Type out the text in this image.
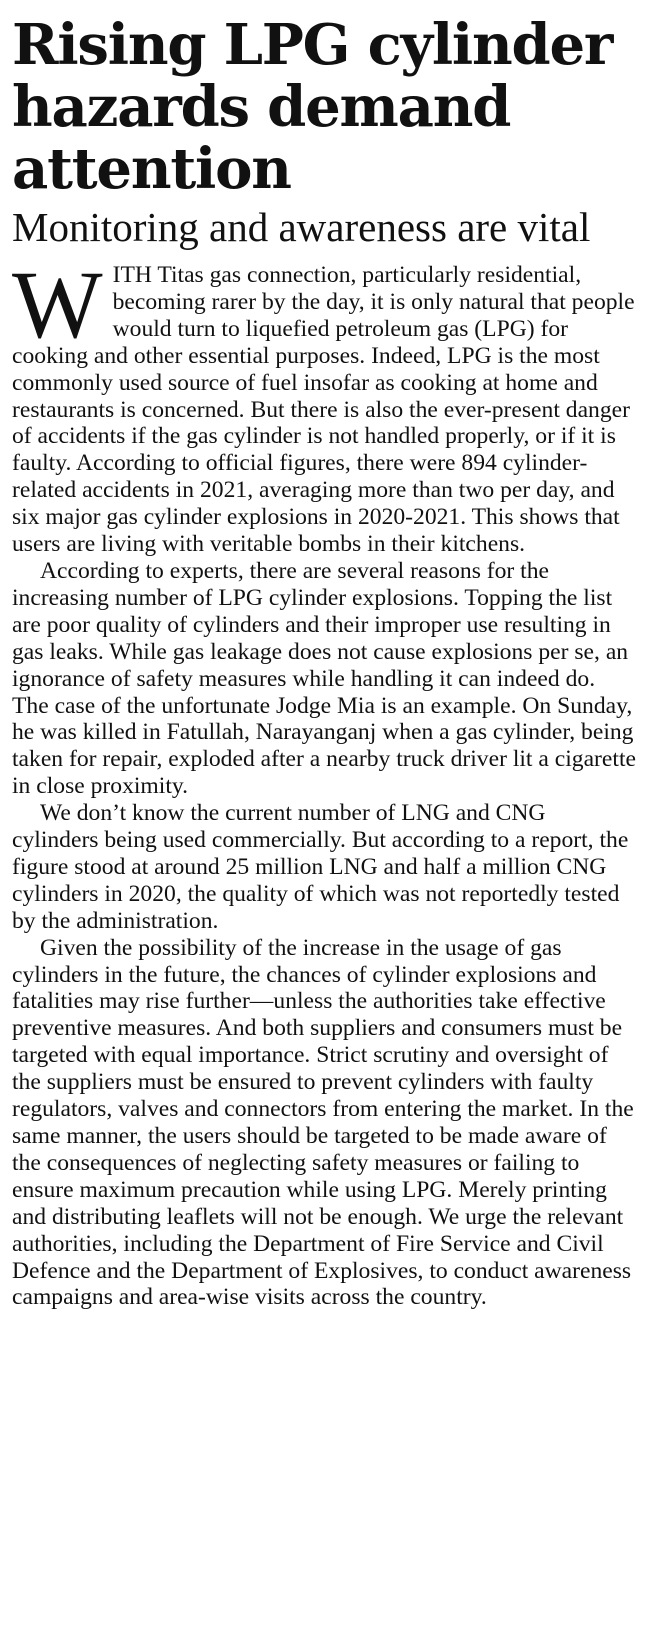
Rising LPG cylinder hazards demand attention
Monitoring and awareness are vital

WITH Titas gas connection, particularly residential, becoming rarer by the day, it is only natural that people would turn to liquefied petroleum gas (LPG) for cooking and other essential purposes. Indeed, LPG is the most commonly used source of fuel insofar as cooking at home and restaurants is concerned. But there is also the ever-present danger of accidents if the gas cylinder is not handled properly, or if it is faulty. According to official figures, there were 894 cylinder-related accidents in 2021, averaging more than two per day, and six major gas cylinder explosions in 2020-2021. This shows that users are living with veritable bombs in their kitchens.

According to experts, there are several reasons for the increasing number of LPG cylinder explosions. Topping the list are poor quality of cylinders and their improper use resulting in gas leaks. While gas leakage does not cause explosions per se, an ignorance of safety measures while handling it can indeed do. The case of the unfortunate Jodge Mia is an example. On Sunday, he was killed in Fatullah, Narayanganj when a gas cylinder, being taken for repair, exploded after a nearby truck driver lit a cigarette in close proximity.

We don’t know the current number of LNG and CNG cylinders being used commercially. But according to a report, the figure stood at around 25 million LNG and half a million CNG cylinders in 2020, the quality of which was not reportedly tested by the administration.

Given the possibility of the increase in the usage of gas cylinders in the future, the chances of cylinder explosions and fatalities may rise further—unless the authorities take effective preventive measures. And both suppliers and consumers must be targeted with equal importance. Strict scrutiny and oversight of the suppliers must be ensured to prevent cylinders with faulty regulators, valves and connectors from entering the market. In the same manner, the users should be targeted to be made aware of the consequences of neglecting safety measures or failing to ensure maximum precaution while using LPG. Merely printing and distributing leaflets will not be enough. We urge the relevant authorities, including the Department of Fire Service and Civil Defence and the Department of Explosives, to conduct awareness campaigns and area-wise visits across the country.
